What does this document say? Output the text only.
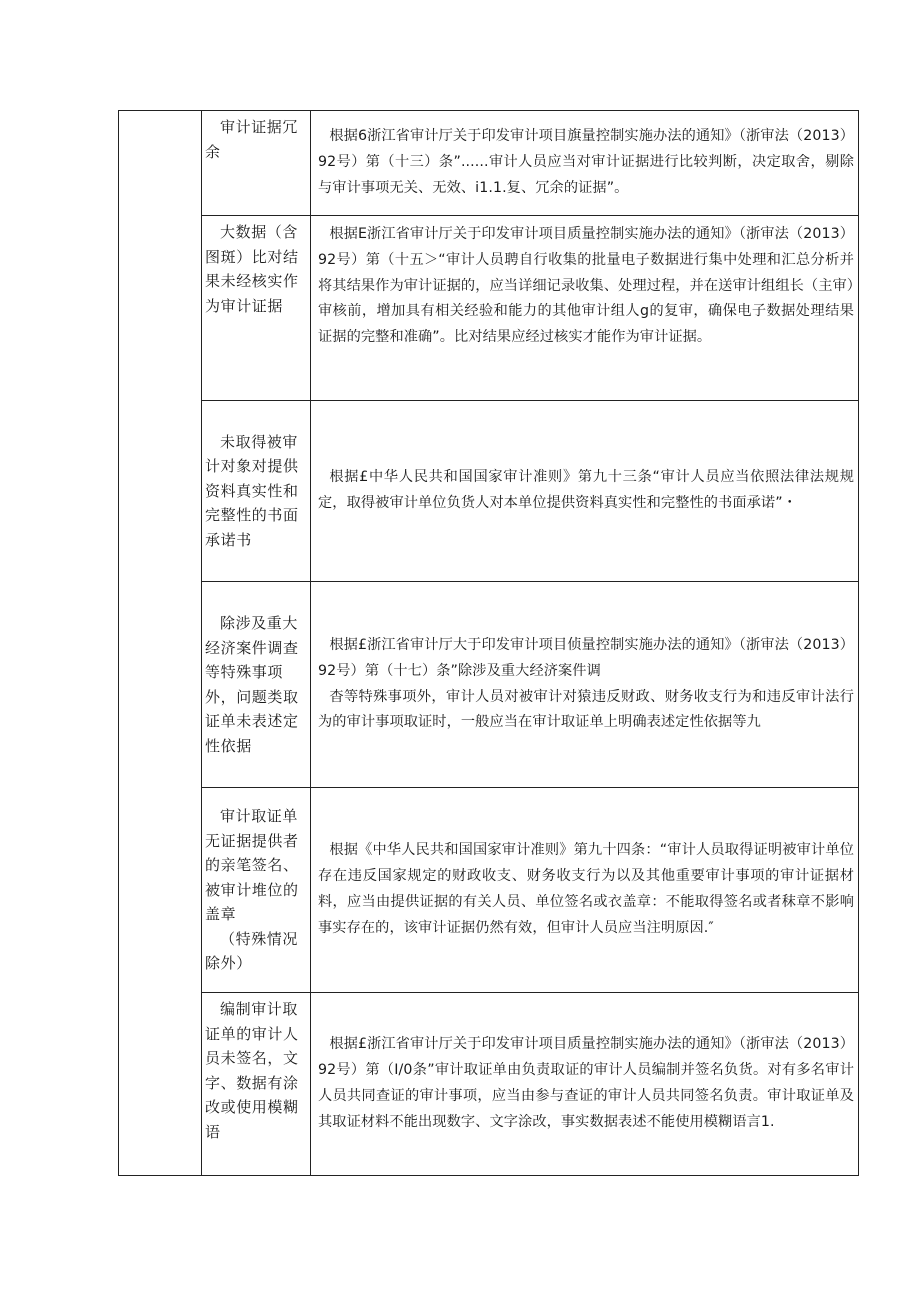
	审计证据冗余	根据6浙江省审计厅关于印发审计项目旗量控制实施办法的通知》（浙审法（2013）92号）第（十三）条”......审计人员应当对审计证据进行比较判断，决定取舍，剔除与审计事项无关、无效、i1.1.复、冗余的证据”。

	大数据（含图斑）比对结果未经核实作为审计证据	根据E浙江省审计厅关于印发审计项目质量控制实施办法的通知》（浙审法（2013）92号）第（十五＞“审计人员聘自行收集的批量电子数据进行集中处理和汇总分析并将其结果作为审计证据的，应当详细记录收集、处理过程，并在送审计组组长（主审）审核前，增加具有相关经验和能力的其他审计组人g的复审，确保电子数据处理结果证据的完整和准确”。比对结果应经过核实才能作为审计证据。

	未取得被审计对象对提供资料真实性和完整性的书面承诺书	根据£中华人民共和国国家审计准则》第九十三条“审计人员应当依照法律法规规定，取得被审计单位负货人对本单位提供资料真实性和完整性的书面承诺”・

	除涉及重大经济案件调查等特殊事项外，问题类取证单未表述定性依据	根据£浙江省审计厅大于印发审计项目侦量控制实施办法的通知》（浙审法（2013）92号）第（十七）条”除涉及重大经济案件调
杳等特殊事项外，审计人员对被审计对猿违反财政、财务收支行为和违反审计法行为的审计事项取证时，一般应当在审计取证单上明确表述定性依据等九

	审计取证单无证据提供者的亲笔签名、被审计堆位的盖章
（特殊情况除外）	根据《中华人民共和国国家审计准则》第九十四条：“审计人员取得证明被审计单位存在违反国家规定的财政收支、财务收支行为以及其他重要审计事项的审计证据材料，应当由提供证据的有关人员、单位签名或衣盖章：不能取得签名或者秣章不影响事实存在的，该审计证据仍然有效，但审计人员应当注明原因.″

	编制审计取证单的审计人员未签名，文字、数据有涂改或使用模糊语	根据£浙江省审计厅关于印发审计项目质量控制实施办法的通知》（浙审法（2013）92号）第（I/0条”审计取证单由负责取证的审计人员编制并签名负货。对有多名审计人员共同查证的审计事项，应当由参与查证的审计人员共同签名负责。审计取证单及其取证材料不能出现数字、文字涂改，事实数据表述不能使用模糊语言1.
